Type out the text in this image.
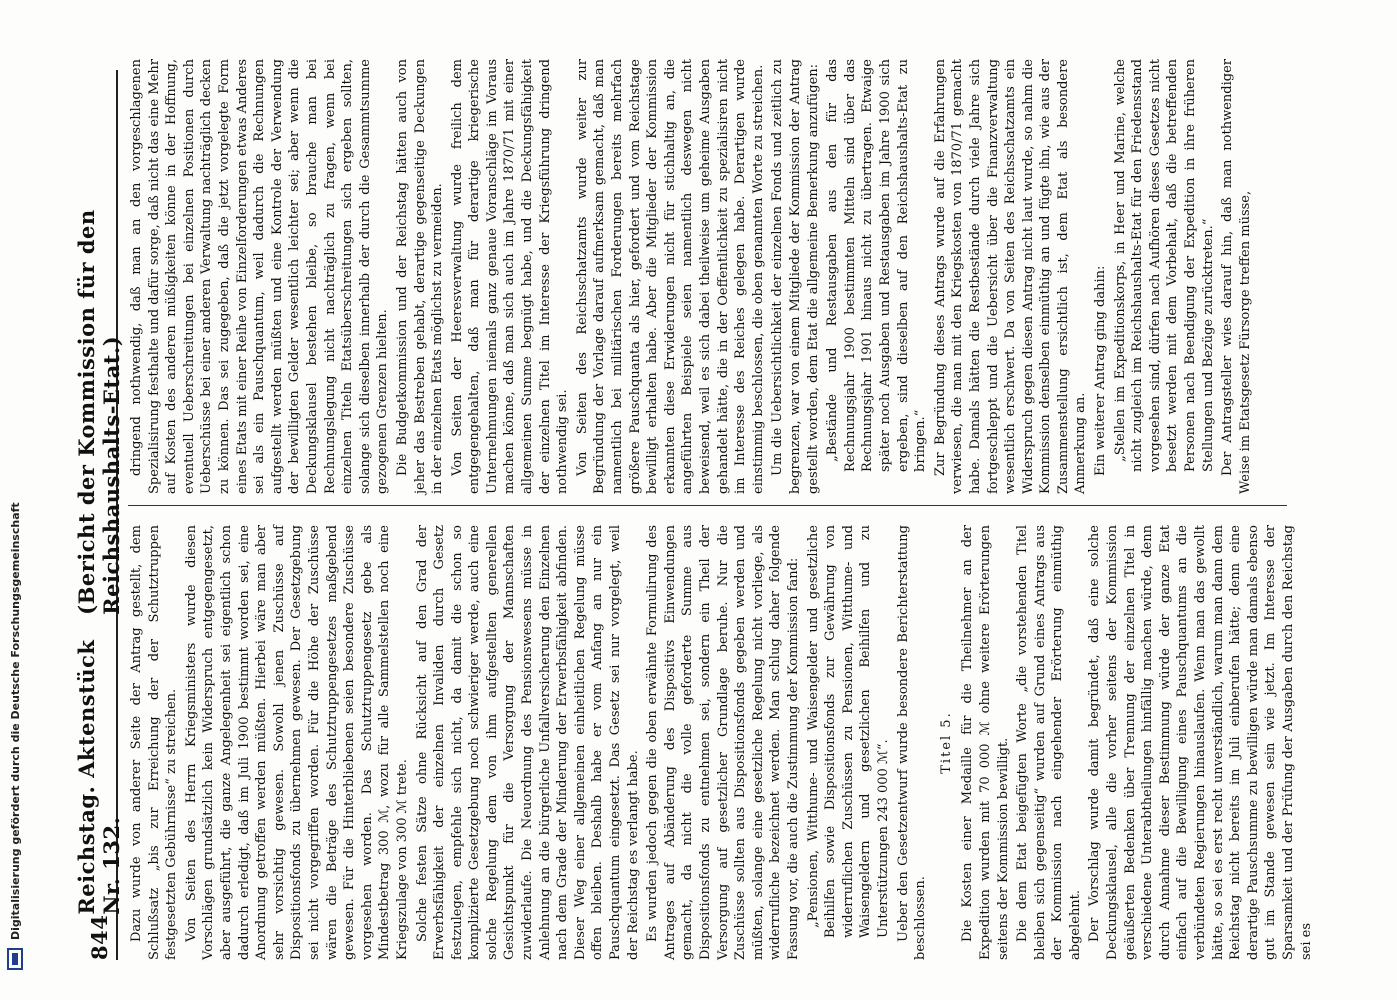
844
Reichstag. Aktenstück Nr. 132.
(Bericht der Kommission für den Reichshaushalts-Etat.)

Dazu wurde von anderer Seite der Antrag gestellt, dem Schlußsatz „bis zur Erreichung der der Schutztruppen festgesetzten Gebührnisse“ zu streichen. Von Seiten des Herrn Kriegsministers wurde diesen Vorschlägen grundsätzlich kein Widerspruch entgegengesetzt, aber ausgeführt, die ganze Angelegenheit sei eigentlich schon dadurch erledigt, daß im Juli 1900 bestimmt worden sei, eine Anordnung getroffen werden müßten. Hierbei wäre man aber sehr vorsichtig gewesen. Sowohl jenen Zuschüsse auf Dispositionsfonds zu übernehmen gewesen. Der Gesetzgebung sei nicht vorgegriffen worden. Für die Höhe der Zuschüsse wären die Beträge des Schutztruppengesetzes maßgebend gewesen. Für die Hinterbliebenen seien besondere Zuschüsse vorgesehen worden. Das Schutztruppengesetz gebe als Mindestbetrag 300 ℳ, wozu für alle Sammelstellen noch eine Kriegszulage von 300 ℳ trete. Solche festen Sätze ohne Rücksicht auf den Grad der Erwerbsfähigkeit der einzelnen Invaliden durch Gesetz festzulegen, empfehle sich nicht, da damit die schon so komplizierte Gesetzgebung noch schwieriger werde, auch eine solche Regelung dem von ihm aufgestellten generellen Gesichtspunkt für die Versorgung der Mannschaften zuwiderlaufe. Die Neuordnung des Pensionswesens müsse in Anlehnung an die bürgerliche Unfallversicherung den Einzelnen nach dem Grade der Minderung der Erwerbsfähigkeit abfinden. Dieser Weg einer allgemeinen einheitlichen Regelung müsse offen bleiben. Deshalb habe er vom Anfang an nur ein Pauschquantum eingesetzt. Das Gesetz sei nur vorgelegt, weil der Reichstag es verlangt habe. Es wurden jedoch gegen die oben erwähnte Formulirung des Antrages auf Abänderung des Dispositivs Einwendungen gemacht, da nicht die volle geforderte Summe aus Dispositionsfonds zu entnehmen sei, sondern ein Theil der Versorgung auf gesetzlicher Grundlage beruhe. Nur die Zuschüsse sollten aus Dispositionsfonds gegeben werden und müßten, solange eine gesetzliche Regelung nicht vorliege, als widerrufliche bezeichnet werden. Man schlug daher folgende Fassung vor, die auch die Zustimmung der Kommission fand: „Pensionen, Witthume- und Waisengelder und gesetzliche Beihilfen sowie Dispositionsfonds zur Gewährung von widerruflichen Zuschüssen zu Pensionen, Witthume- und Waisengeldern und gesetzlichen Beihilfen und zu Unterstützungen 243 000 ℳ“. Ueber den Gesetzentwurf wurde besondere Berichterstattung beschlossen.

Titel 5. Die Kosten einer Medaille für die Theilnehmer an der Expedition wurden mit 70 000 ℳ ohne weitere Erörterungen seitens der Kommission bewilligt. Die dem Etat beigefügten Worte „die vorstehenden Titel bleiben sich gegenseitig“ wurden auf Grund eines Antrags aus der Kommission nach eingehender Erörterung einmüthig abgelehnt. Der Vorschlag wurde damit begründet, daß eine solche Deckungsklausel, alle die vorher seitens der Kommission geäußerten Bedenken über Trennung der einzelnen Titel in verschiedene Unterabtheilungen hinfällig machen würde, denn durch Annahme dieser Bestimmung würde der ganze Etat einfach auf die Bewilligung eines Pauschquantums an die verbündeten Regierungen hinauslaufen. Wenn man das gewollt hätte, so sei es erst recht unverständlich, warum man dann dem Reichstag nicht bereits im Juli einberufen hätte; denn eine derartige Pauschsumme zu bewilligen würde man damals ebenso gut im Stande gewesen sein wie jetzt. Im Interesse der Sparsamkeit und der Prüfung der Ausgaben durch den Reichstag sei es

dringend nothwendig, daß man an den vorgeschlagenen Spezialisirung festhalte und dafür sorge, daß nicht das eine Mehr auf Kosten des anderen müßigkeiten könne in der Hoffnung, eventuell Ueberschreitungen bei einzelnen Positionen durch Ueberschüsse bei einer anderen Verwaltung nachträglich decken zu können. Das sei zugegeben, daß die jetzt vorgelegte Form eines Etats mit einer Reihe von Einzelforderungen etwas Anderes sei als ein Pauschquantum, weil dadurch die Rechnungen aufgestellt werden müßten und eine Kontrole der Verwendung der bewilligten Gelder wesentlich leichter sei; aber wenn die Deckungsklausel bestehen bleibe, so brauche man bei Rechnungslegung nicht nachträglich zu fragen, wenn bei einzelnen Titeln Etatsüberschreitungen sich ergeben sollten, solange sich dieselben innerhalb der durch die Gesammtsumme gezogenen Grenzen hielten. Die Budgetkommission und der Reichstag hätten auch von jeher das Bestreben gehabt, derartige gegenseitige Deckungen in der einzelnen Etats möglichst zu vermeiden. Von Seiten der Heeresverwaltung wurde freilich dem entgegengehalten, daß man für derartige kriegerische Unternehmungen niemals ganz genaue Voranschläge im Voraus machen könne, daß man sich auch im Jahre 1870/71 mit einer allgemeinen Summe begnügt habe, und die Deckungsfähigkeit der einzelnen Titel im Interesse der Kriegsführung dringend nothwendig sei. Von Seiten des Reichsschatzamts wurde weiter zur Begründung der Vorlage darauf aufmerksam gemacht, daß man namentlich bei militärischen Forderungen bereits mehrfach größere Pauschquanta als hier, gefordert und vom Reichstage bewilligt erhalten habe. Aber die Mitglieder der Kommission erkannten diese Erwiderungen nicht für stichhaltig an, die angeführten Beispiele seien namentlich deswegen nicht beweisend, weil es sich dabei theilweise um geheime Ausgaben gehandelt hätte, die in der Oeffentlichkeit zu spezialisiren nicht im Interesse des Reiches gelegen habe. Derartigen wurde einstimmig beschlossen, die oben genannten Worte zu streichen. Um die Uebersichtlichkeit der einzelnen Fonds und zeitlich zu begrenzen, war von einem Mitgliede der Kommission der Antrag gestellt worden, dem Etat die allgemeine Bemerkung anzufügen: „Bestände und Restausgaben aus den für das Rechnungsjahr 1900 bestimmten Mitteln sind über das Rechnungsjahr 1901 hinaus nicht zu übertragen. Etwaige später noch Ausgaben und Restausgaben im Jahre 1900 sich ergeben, sind dieselben auf den Reichshaushalts-Etat zu bringen.“ Zur Begründung dieses Antrags wurde auf die Erfahrungen verwiesen, die man mit den Kriegskosten von 1870/71 gemacht habe. Damals hätten die Restbestände durch viele Jahre sich fortgeschleppt und die Uebersicht über die Finanzverwaltung wesentlich erschwert. Da von Seiten des Reichsschatzamts ein Widerspruch gegen diesen Antrag nicht laut wurde, so nahm die Kommission denselben einmüthig an und fügte ihn, wie aus der Zusammenstellung ersichtlich ist, dem Etat als besondere Anmerkung an. Ein weiterer Antrag ging dahin: „Stellen im Expeditionskorps, in Heer und Marine, welche nicht zugleich im Reichshaushalts-Etat für den Friedensstand vorgesehen sind, dürfen nach Aufhören dieses Gesetzes nicht besetzt werden mit dem Vorbehalt, daß die betreffenden Personen nach Beendigung der Expedition in ihre früheren Stellungen und Bezüge zurücktreten.“ Der Antragsteller wies darauf hin, daß man nothwendiger Weise im Etatsgesetz Fürsorge treffen müsse,

Digitalisierung gefördert durch die Deutsche Forschungsgemeinschaft
